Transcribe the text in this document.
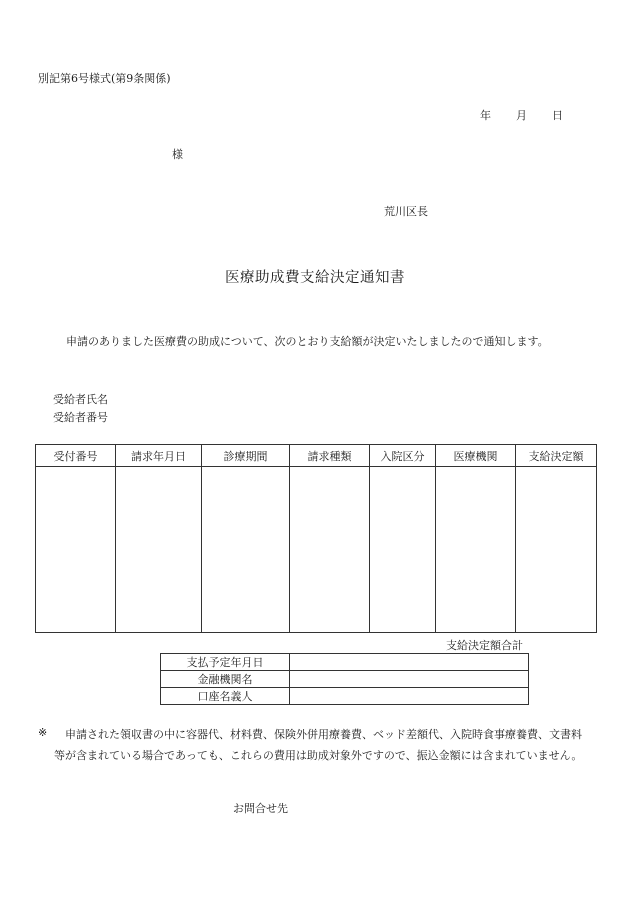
別記第6号様式(第9条関係)
年 月 日
様
荒川区長
医療助成費支給決定通知書
申請のありました医療費の助成について、次のとおり支給額が決定いたしましたので通知します。
受給者氏名
受給者番号
受付番号	請求年月日	診療期間	請求種類	入院区分	医療機関	支給決定額

支給決定額合計
支払予定年月日	
金融機関名	
口座名義人	
※	申請された領収書の中に容器代、材料費、保険外併用療養費、ベッド差額代、入院時食事療養費、文書料等が含まれている場合であっても、これらの費用は助成対象外ですので、振込金額には含まれていません。
お問合せ先
